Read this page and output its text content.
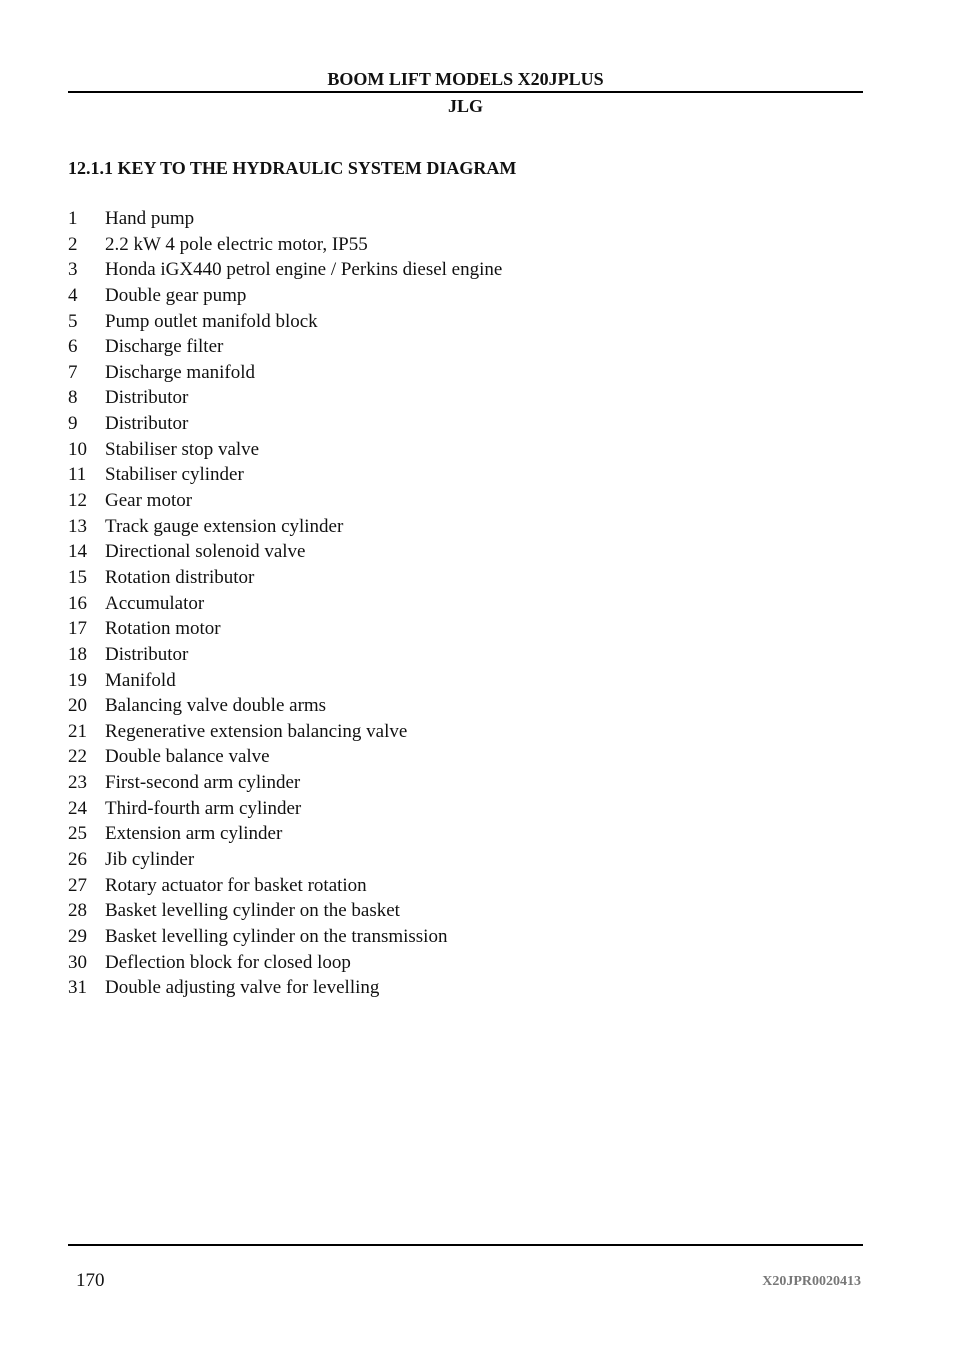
BOOM LIFT MODELS X20JPLUS
JLG
12.1.1 KEY TO THE HYDRAULIC SYSTEM DIAGRAM
1	Hand pump
2	2.2 kW 4 pole electric motor, IP55
3	Honda iGX440 petrol engine / Perkins diesel engine
4	Double gear pump
5	Pump outlet manifold block
6	Discharge filter
7	Discharge manifold
8	Distributor
9	Distributor
10 Stabiliser stop valve
11 Stabiliser cylinder
12 Gear motor
13 Track gauge extension cylinder
14 Directional solenoid valve
15 Rotation distributor
16 Accumulator
17 Rotation motor
18 Distributor
19 Manifold
20 Balancing valve double arms
21 Regenerative extension balancing valve
22 Double balance valve
23 First-second arm cylinder
24 Third-fourth arm cylinder
25 Extension arm cylinder
26 Jib cylinder
27 Rotary actuator for basket rotation
28 Basket levelling cylinder on the basket
29 Basket levelling cylinder on the transmission
30 Deflection block for closed loop
31 Double adjusting valve for levelling
170	X20JPR0020413
